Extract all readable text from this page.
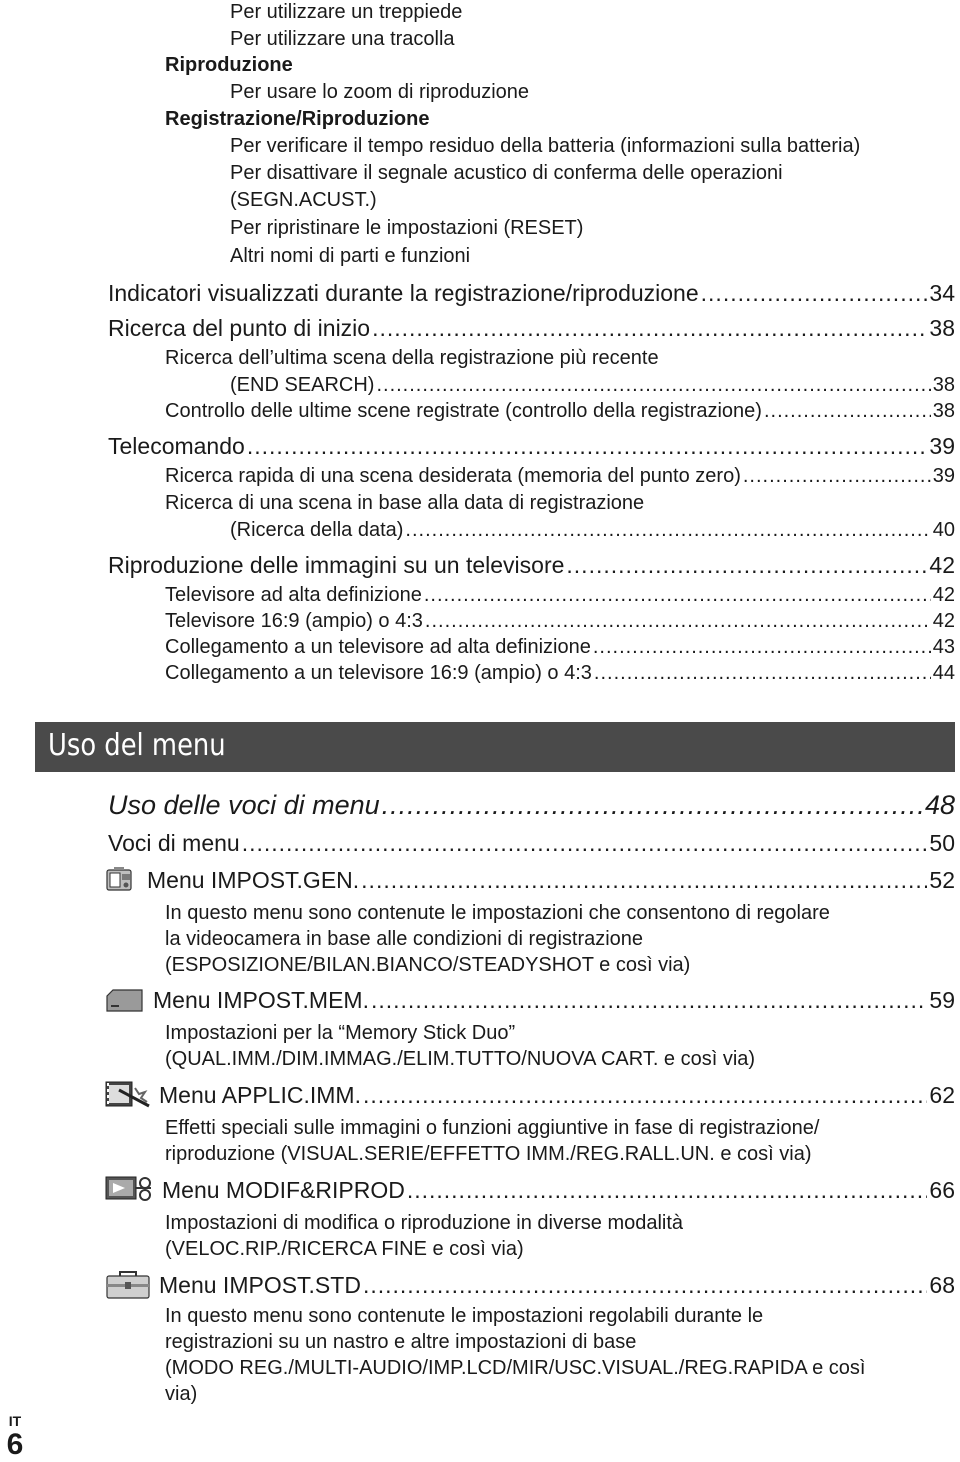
Per utilizzare un treppiede
Per utilizzare una tracolla
Riproduzione
Per usare lo zoom di riproduzione
Registrazione/Riproduzione
Per verificare il tempo residuo della batteria (informazioni sulla batteria)
Per disattivare il segnale acustico di conferma delle operazioni
(SEGN.ACUST.)
Per ripristinare le impostazioni (RESET)
Altri nomi di parti e funzioni
Indicatori visualizzati durante la registrazione/riproduzione .....	34
Ricerca del punto di inizio .....	38
Ricerca dell’ultima scena della registrazione più recente
(END SEARCH) .....	38
Controllo delle ultime scene registrate (controllo della registrazione) .....	38
Telecomando .....	39
Ricerca rapida di una scena desiderata (memoria del punto zero) .....	39
Ricerca di una scena in base alla data di registrazione
(Ricerca della data) .....	40
Riproduzione delle immagini su un televisore .....	42
Televisore ad alta definizione .....	42
Televisore 16:9 (ampio) o 4:3 .....	42
Collegamento a un televisore ad alta definizione .....	43
Collegamento a un televisore 16:9 (ampio) o 4:3 .....	44
Uso del menu
Uso delle voci di menu .....	48
Voci di menu .....	50
Menu IMPOST.GEN. .....	52
In questo menu sono contenute le impostazioni che consentono di regolare
la videocamera in base alle condizioni di registrazione
(ESPOSIZIONE/BILAN.BIANCO/STEADYSHOT e così via)
Menu IMPOST.MEM. .....	59
Impostazioni per la “Memory Stick Duo”
(QUAL.IMM./DIM.IMMAG./ELIM.TUTTO/NUOVA CART. e così via)
Menu APPLIC.IMM. .....	62
Effetti speciali sulle immagini o funzioni aggiuntive in fase di registrazione/
riproduzione (VISUAL.SERIE/EFFETTO IMM./REG.RALL.UN. e così via)
Menu MODIF&RIPROD .....	66
Impostazioni di modifica o riproduzione in diverse modalità
(VELOC.RIP./RICERCA FINE e così via)
Menu IMPOST.STD .....	68
In questo menu sono contenute le impostazioni regolabili durante le
registrazioni su un nastro e altre impostazioni di base
(MODO REG./MULTI-AUDIO/IMP.LCD/MIR/USC.VISUAL./REG.RAPIDA e così
via)
IT
6
